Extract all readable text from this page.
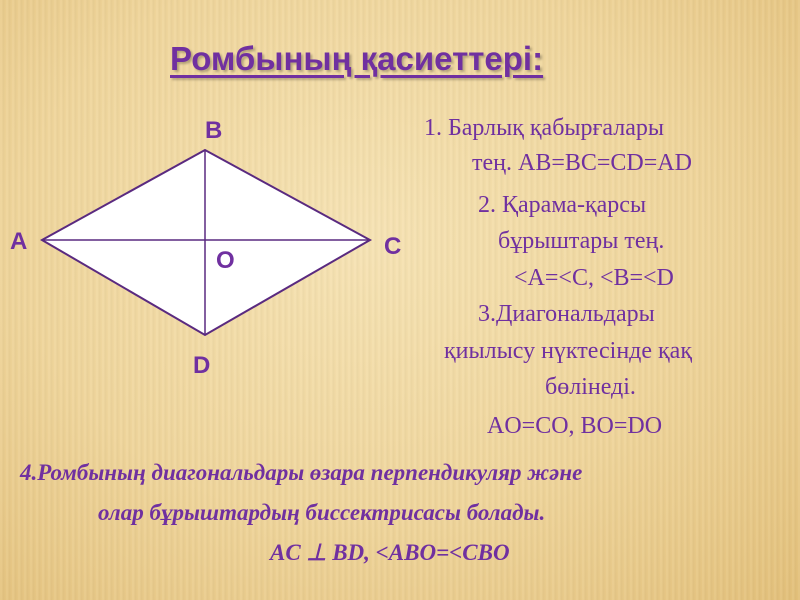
Ромбының қасиеттері:
B
A	C
O
D
1. Барлық қабырғалары
тең. AB=BC=CD=AD
2. Қарама-қарсы
бұрыштары тең.
<A=<C, <B=<D
3.Диагональдары
қиылысу нүктесінде қақ
бөлінеді.
AO=CO, BO=DO
4.Ромбының диагональдары өзара перпендикуляр және
олар бұрыштардың биссектрисасы болады.
AC ⊥ BD, <ABO=<CBO
